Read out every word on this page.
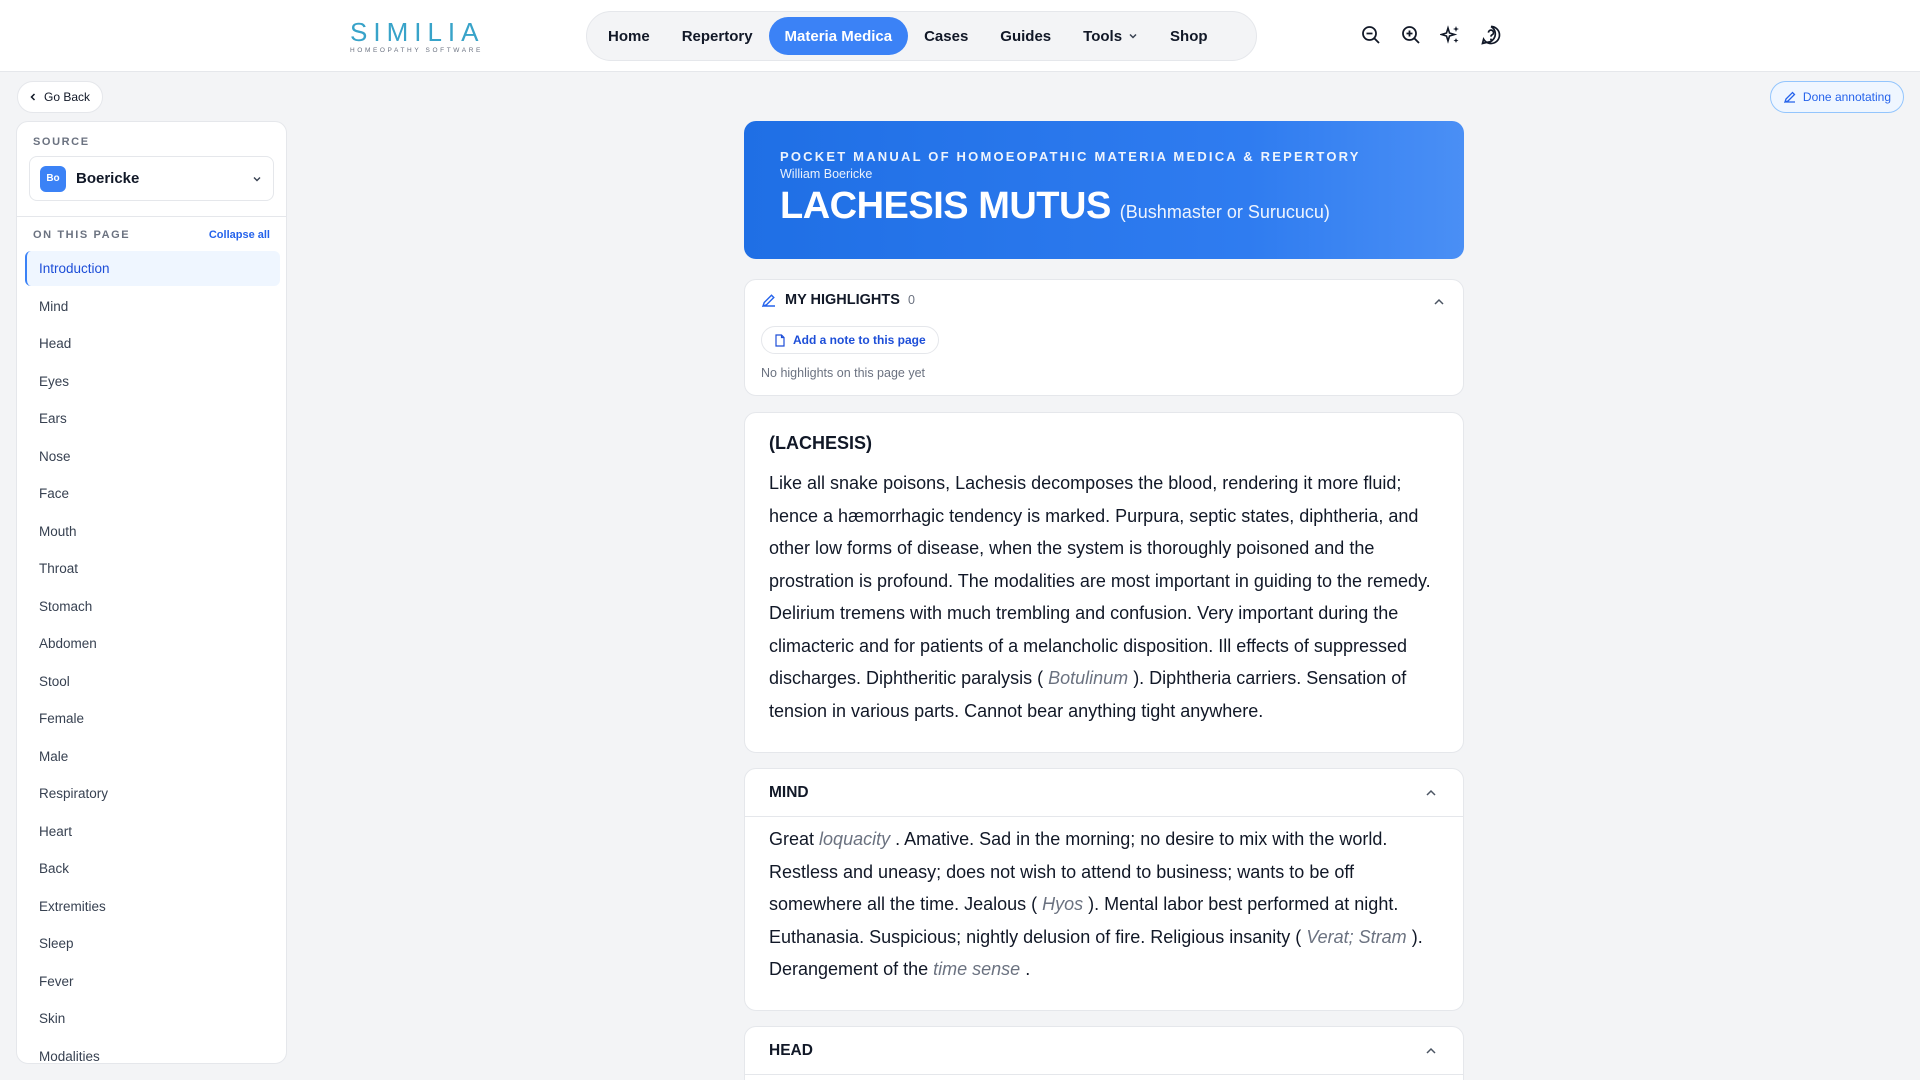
SIMILIA
HOMEOPATHY SOFTWARE
Home	Repertory	Materia Medica	Cases	Guides	Tools	Shop
Go Back	Done annotating
SOURCE
Bo	Boericke
ON THIS PAGE	Collapse all
Introduction
Mind
Head
Eyes
Ears
Nose
Face
Mouth
Throat
Stomach
Abdomen
Stool
Female
Male
Respiratory
Heart
Back
Extremities
Sleep
Fever
Skin
Modalities
POCKET MANUAL OF HOMOEOPATHIC MATERIA MEDICA & REPERTORY
William Boericke
LACHESIS MUTUS (Bushmaster or Surucucu)
MY HIGHLIGHTS 0
Add a note to this page
No highlights on this page yet
(LACHESIS)
Like all snake poisons, Lachesis decomposes the blood, rendering it more fluid; hence a hæmorrhagic tendency is marked. Purpura, septic states, diphtheria, and other low forms of disease, when the system is thoroughly poisoned and the prostration is profound. The modalities are most important in guiding to the remedy. Delirium tremens with much trembling and confusion. Very important during the climacteric and for patients of a melancholic disposition. Ill effects of suppressed discharges. Diphtheritic paralysis ( Botulinum ). Diphtheria carriers. Sensation of tension in various parts. Cannot bear anything tight anywhere.
MIND
Great loquacity . Amative. Sad in the morning; no desire to mix with the world. Restless and uneasy; does not wish to attend to business; wants to be off somewhere all the time. Jealous ( Hyos ). Mental labor best performed at night. Euthanasia. Suspicious; nightly delusion of fire. Religious insanity ( Verat; Stram ). Derangement of the time sense .
HEAD
